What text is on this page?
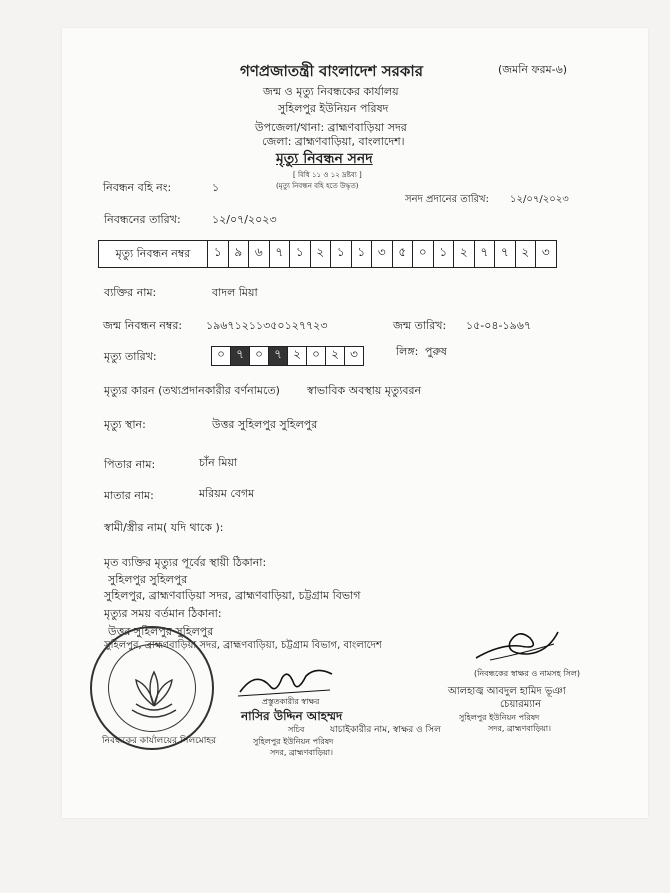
গণপ্রজাতন্ত্রী বাংলাদেশ সরকার	(জমনি ফরম-৬)
জন্ম ও মৃত্যু নিবন্ধকের কার্যালয়
সুহিলপুর ইউনিয়ন পরিষদ
উপজেলা/থানা: ব্রাহ্মণবাড়িয়া সদর
জেলা: ব্রাহ্মণবাড়িয়া, বাংলাদেশ।
মৃত্যু নিবন্ধন সনদ
[ বিধি ১১ ও ১২ দ্রষ্টব্য ]
(মৃত্যু নিবন্ধন বহি হতে উদ্ধৃত)
নিবন্ধন বহি নং:	১
সনদ প্রদানের তারিখ: ১২/০৭/২০২৩
নিবন্ধনের তারিখ:	১২/০৭/২০২৩
মৃত্যু নিবন্ধন নম্বর	১	৯	৬	৭	১	২	১	১	৩	৫	০	১	২	৭	৭	২	৩
ব্যক্তির নাম:	বাদল মিয়া
জন্ম নিবন্ধন নম্বর: ১৯৬৭১২১১৩৫০১২৭৭২৩	জন্ম তারিখ: ১৫-০৪-১৯৬৭
মৃত্যু তারিখ:	০ ৭ ০ ৭ ২ ০ ২ ৩	লিঙ্গ: পুরুষ
মৃত্যুর কারন (তথ্যপ্রদানকারীর বর্ণনামতে) স্বাভাবিক অবস্থায় মৃত্যুবরন
মৃত্যু স্থান:	উত্তর সুহিলপুর সুহিলপুর
পিতার নাম:	চাঁন মিয়া
মাতার নাম:	মরিয়ম বেগম
স্বামী/স্ত্রীর নাম( যদি থাকে ):
মৃত ব্যক্তির মৃত্যুর পূর্বের স্থায়ী ঠিকানা:
সুহিলপুর সুহিলপুর
সুহিলপুর, ব্রাহ্মণবাড়িয়া সদর, ব্রাহ্মণবাড়িয়া, চট্টগ্রাম বিভাগ
মৃত্যুর সময় বর্তমান ঠিকানা:
উত্তর সুহিলপুর সুহিলপুর
সুহিলপুর, ব্রাহ্মণবাড়িয়া সদর, ব্রাহ্মণবাড়িয়া, চট্টগ্রাম বিভাগ, বাংলাদেশ
(নিবন্ধকের স্বাক্ষর ও নামসহ সিল)
আলহাজ্ব আবদুল হামিদ ভূঞা
চেয়ারম্যান
সুহিলপুর ইউনিয়ন পরিষদ
সদর, ব্রাহ্মণবাড়িয়া।
প্রস্তুতকারীর স্বাক্ষর
নাসির উদ্দিন আহম্মদ
সচিব
সুহিলপুর ইউনিয়ন পরিষদ
সদর, ব্রাহ্মণবাড়িয়া।
নিবন্ধকের কার্যালয়ের সিলমোহর
যাচাইকারীর নাম, স্বাক্ষর ও সিল
